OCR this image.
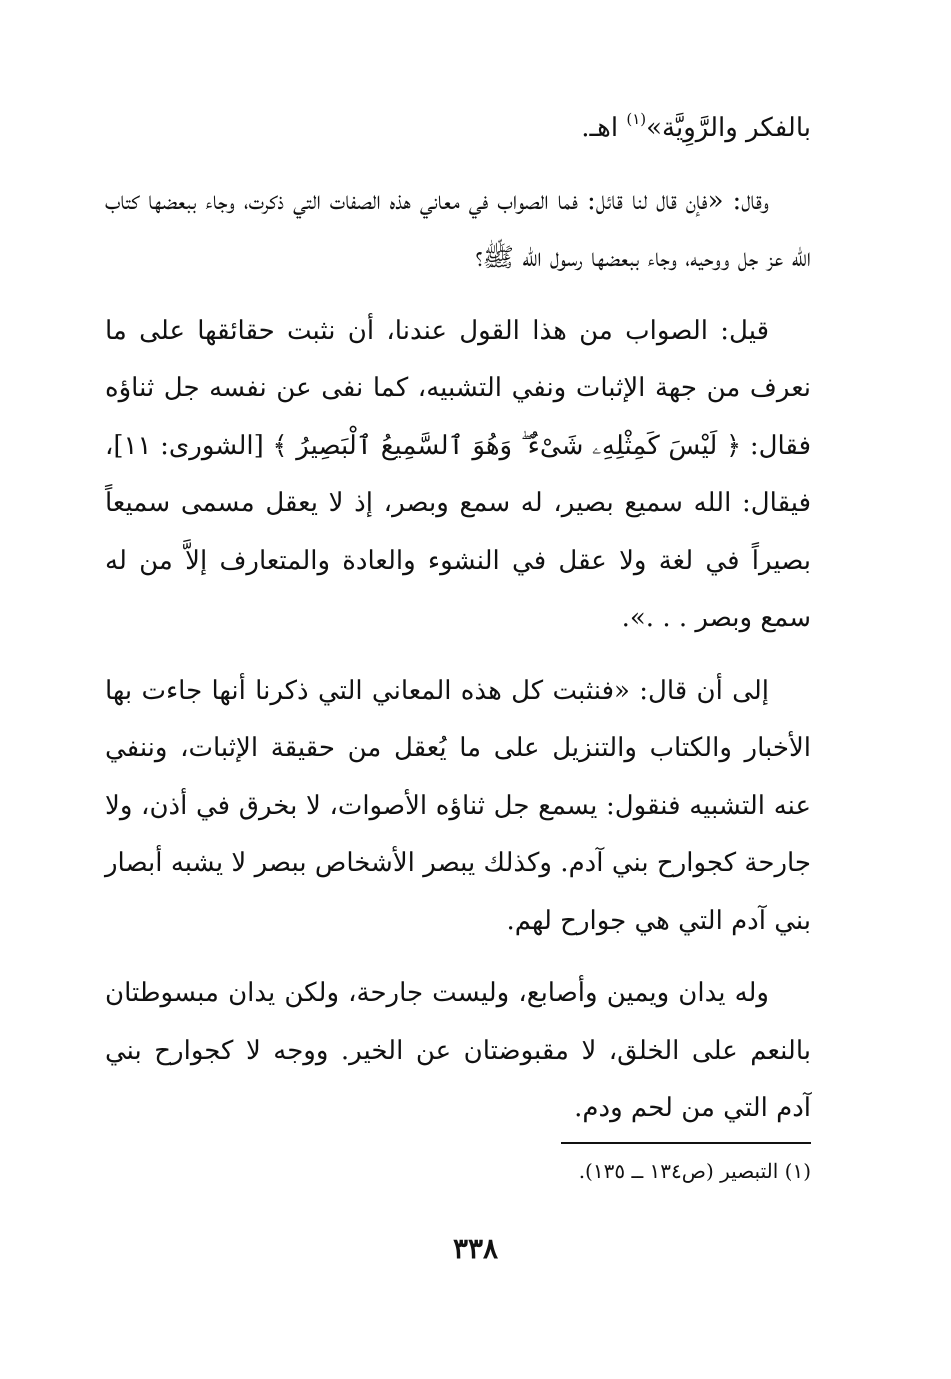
بالفكر والرَّوِيَّة»$^{(١)}$ اهـ.

وقال: «فإن قال لنا قائل: فما الصواب في معاني هذه الصفات التي ذكرت، وجاء ببعضها كتاب الله عز جل ووحيه، وجاء ببعضها رسول الله ﷺ؟

قيل: الصواب من هذا القول عندنا، أن نثبت حقائقها على ما نعرف من جهة الإثبات ونفي التشبيه، كما نفى عن نفسه جل ثناؤه فقال: ﴿ لَيْسَ كَمِثْلِهِۦ شَىْءٌ ۖ وَهُوَ ٱلسَّمِيعُ ٱلْبَصِيرُ ﴾ [الشورى: ١١]، فيقال: الله سميع بصير، له سمع وبصر، إذ لا يعقل مسمى سميعاً بصيراً في لغة ولا عقل في النشوء والعادة والمتعارف إلاَّ من له سمع وبصر . . .».

إلى أن قال: «فنثبت كل هذه المعاني التي ذكرنا أنها جاءت بها الأخبار والكتاب والتنزيل على ما يُعقل من حقيقة الإثبات، وننفي عنه التشبيه فنقول: يسمع جل ثناؤه الأصوات، لا بخرق في أذن، ولا جارحة كجوارح بني آدم. وكذلك يبصر الأشخاص ببصر لا يشبه أبصار بني آدم التي هي جوارح لهم.

وله يدان ويمين وأصابع، وليست جارحة، ولكن يدان مبسوطتان بالنعم على الخلق، لا مقبوضتان عن الخير. ووجه لا كجوارح بني آدم التي من لحم ودم.

(١) التبصير (ص١٣٤ ــ ١٣٥).
٣٣٨
